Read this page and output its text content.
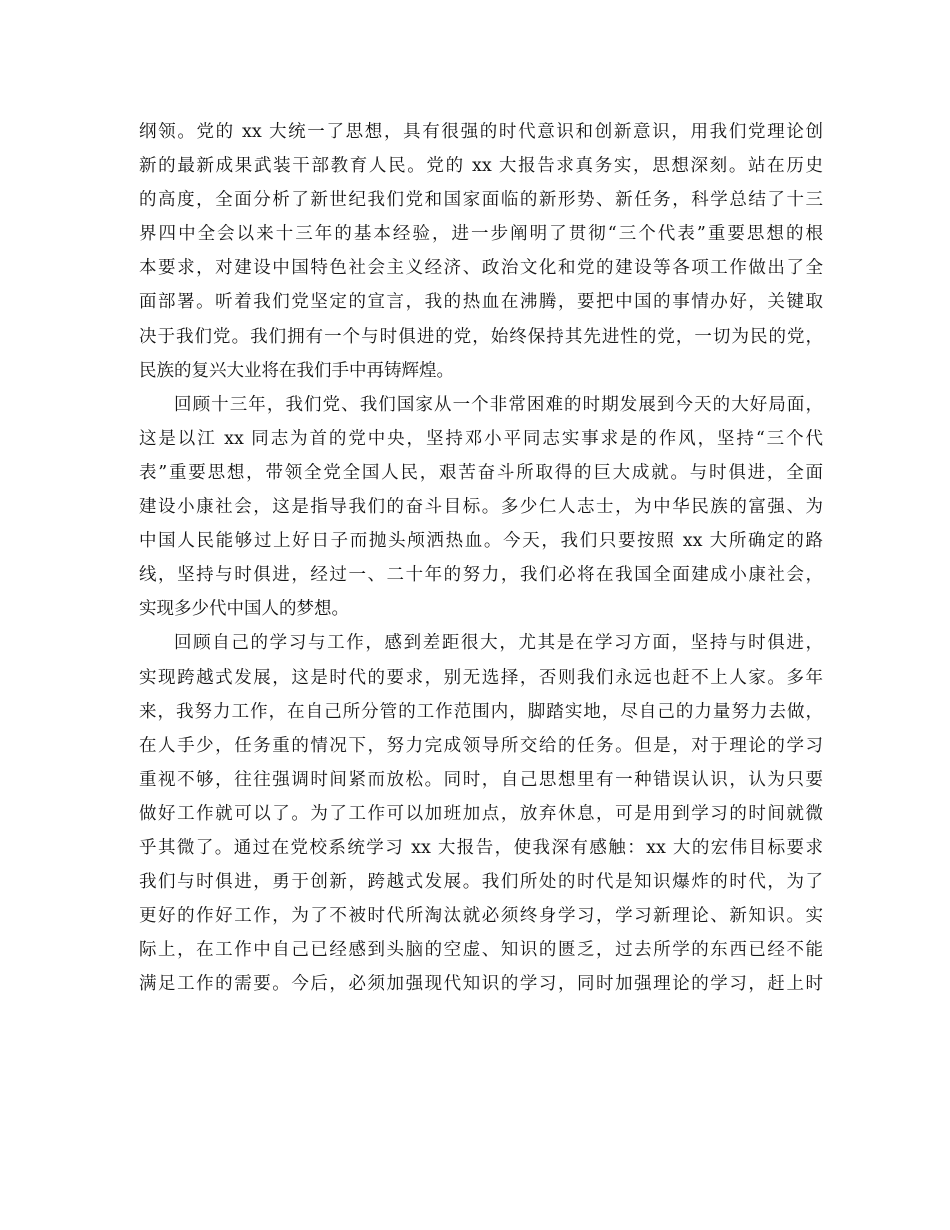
纲领。党的 xx 大统一了思想，具有很强的时代意识和创新意识，用我们党理论创
新的最新成果武装干部教育人民。党的 xx 大报告求真务实，思想深刻。站在历史
的高度，全面分析了新世纪我们党和国家面临的新形势、新任务，科学总结了十三
界四中全会以来十三年的基本经验，进一步阐明了贯彻“三个代表”重要思想的根
本要求，对建设中国特色社会主义经济、政治文化和党的建设等各项工作做出了全
面部署。听着我们党坚定的宣言，我的热血在沸腾，要把中国的事情办好，关键取
决于我们党。我们拥有一个与时俱进的党，始终保持其先进性的党，一切为民的党，
民族的复兴大业将在我们手中再铸辉煌。
回顾十三年，我们党、我们国家从一个非常困难的时期发展到今天的大好局面，
这是以江 xx 同志为首的党中央，坚持邓小平同志实事求是的作风，坚持“三个代
表”重要思想，带领全党全国人民，艰苦奋斗所取得的巨大成就。与时俱进，全面
建设小康社会，这是指导我们的奋斗目标。多少仁人志士，为中华民族的富强、为
中国人民能够过上好日子而抛头颅洒热血。今天，我们只要按照 xx 大所确定的路
线，坚持与时俱进，经过一、二十年的努力，我们必将在我国全面建成小康社会，
实现多少代中国人的梦想。
回顾自己的学习与工作，感到差距很大，尤其是在学习方面，坚持与时俱进，
实现跨越式发展，这是时代的要求，别无选择，否则我们永远也赶不上人家。多年
来，我努力工作，在自己所分管的工作范围内，脚踏实地，尽自己的力量努力去做，
在人手少，任务重的情况下，努力完成领导所交给的任务。但是，对于理论的学习
重视不够，往往强调时间紧而放松。同时，自己思想里有一种错误认识，认为只要
做好工作就可以了。为了工作可以加班加点，放弃休息，可是用到学习的时间就微
乎其微了。通过在党校系统学习 xx 大报告，使我深有感触：xx 大的宏伟目标要求
我们与时俱进，勇于创新，跨越式发展。我们所处的时代是知识爆炸的时代，为了
更好的作好工作，为了不被时代所淘汰就必须终身学习，学习新理论、新知识。实
际上，在工作中自己已经感到头脑的空虚、知识的匮乏，过去所学的东西已经不能
满足工作的需要。今后，必须加强现代知识的学习，同时加强理论的学习，赶上时
